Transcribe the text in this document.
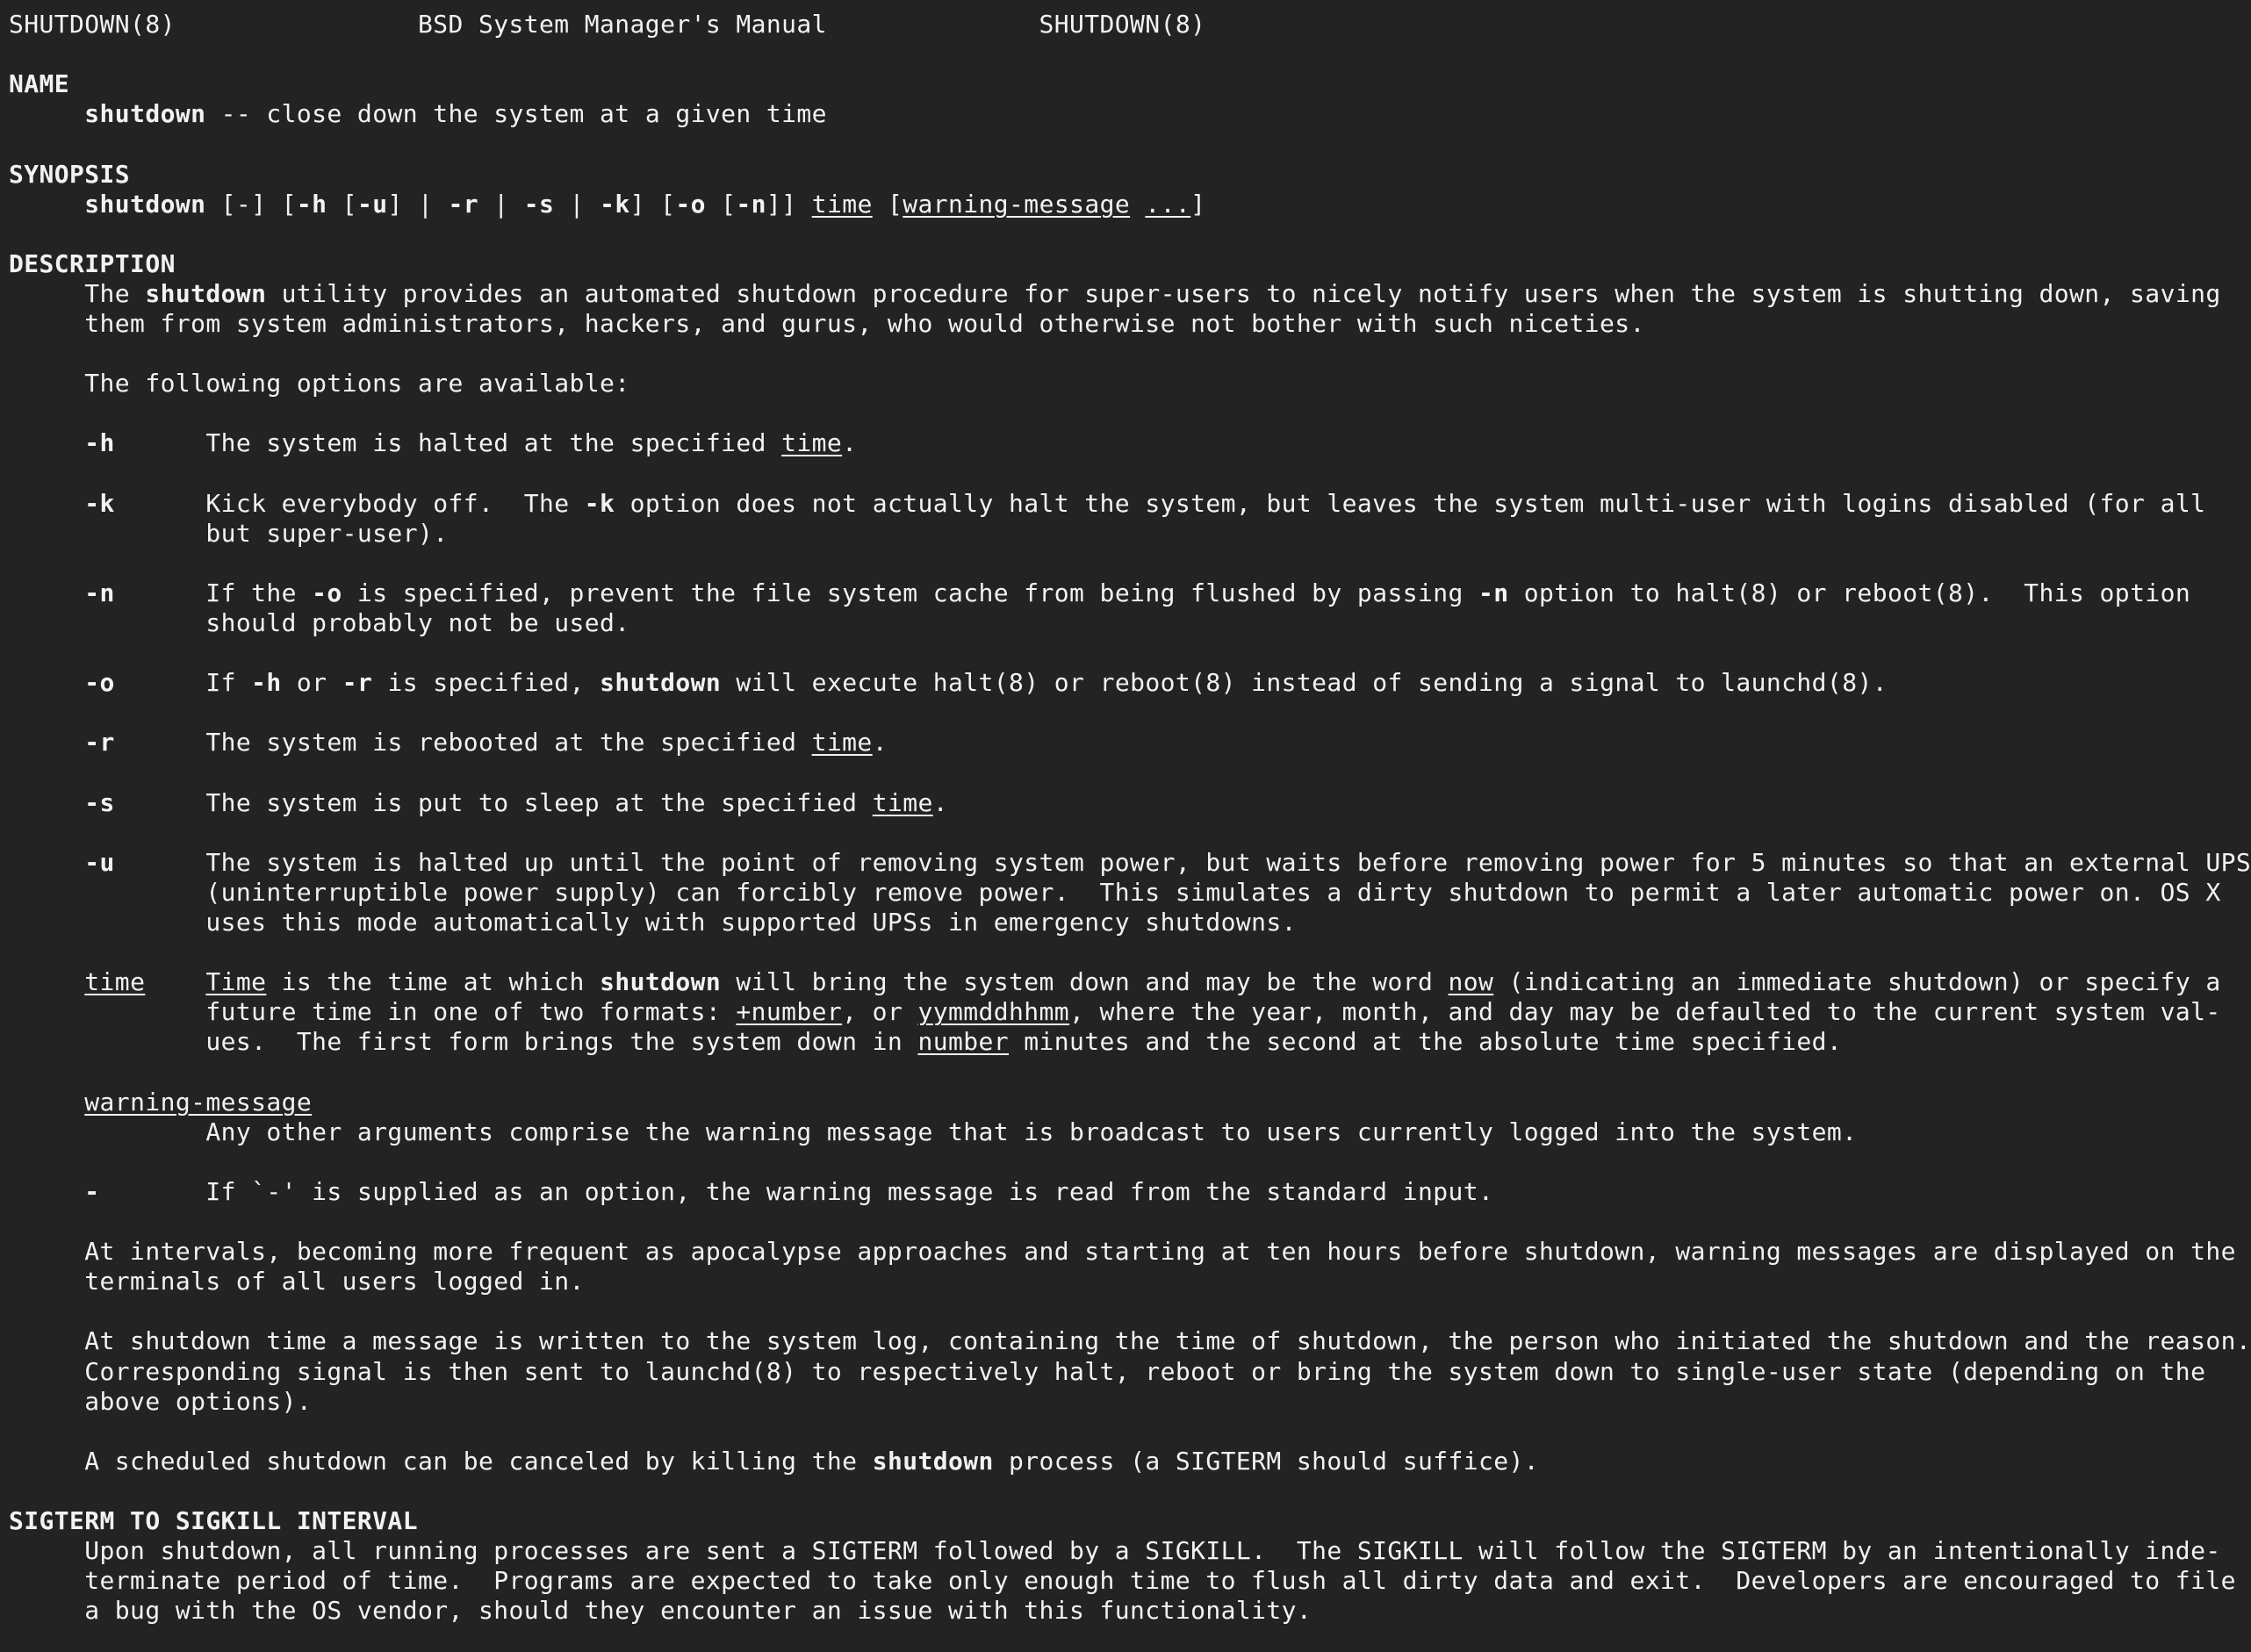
SHUTDOWN(8)                BSD System Manager's Manual              SHUTDOWN(8)
NAME
shutdown -- close down the system at a given time
SYNOPSIS
shutdown [-] [-h [-u] | -r | -s | -k] [-o [-n]] time [warning-message ...]
DESCRIPTION
The shutdown utility provides an automated shutdown procedure for super-users to nicely notify users when the system is shutting down, saving
them from system administrators, hackers, and gurus, who would otherwise not bother with such niceties.
The following options are available:
-h      The system is halted at the specified time.
-k      Kick everybody off.  The -k option does not actually halt the system, but leaves the system multi-user with logins disabled (for all
but super-user).
-n      If the -o is specified, prevent the file system cache from being flushed by passing -n option to halt(8) or reboot(8).  This option
should probably not be used.
-o      If -h or -r is specified, shutdown will execute halt(8) or reboot(8) instead of sending a signal to launchd(8).
-r      The system is rebooted at the specified time.
-s      The system is put to sleep at the specified time.
-u      The system is halted up until the point of removing system power, but waits before removing power for 5 minutes so that an external UPS
(uninterruptible power supply) can forcibly remove power.  This simulates a dirty shutdown to permit a later automatic power on. OS X
uses this mode automatically with supported UPSs in emergency shutdowns.
time Time is the time at which shutdown will bring the system down and may be the word now (indicating an immediate shutdown) or specify a
future time in one of two formats: +number, or yymmddhhmm, where the year, month, and day may be defaulted to the current system val-
ues.  The first form brings the system down in number minutes and the second at the absolute time specified.
warning-message
Any other arguments comprise the warning message that is broadcast to users currently logged into the system.
-       If `-' is supplied as an option, the warning message is read from the standard input.
At intervals, becoming more frequent as apocalypse approaches and starting at ten hours before shutdown, warning messages are displayed on the
terminals of all users logged in.
At shutdown time a message is written to the system log, containing the time of shutdown, the person who initiated the shutdown and the reason.
Corresponding signal is then sent to launchd(8) to respectively halt, reboot or bring the system down to single-user state (depending on the
above options).
A scheduled shutdown can be canceled by killing the shutdown process (a SIGTERM should suffice).
SIGTERM TO SIGKILL INTERVAL
Upon shutdown, all running processes are sent a SIGTERM followed by a SIGKILL.  The SIGKILL will follow the SIGTERM by an intentionally inde-
terminate period of time.  Programs are expected to take only enough time to flush all dirty data and exit.  Developers are encouraged to file
a bug with the OS vendor, should they encounter an issue with this functionality.
